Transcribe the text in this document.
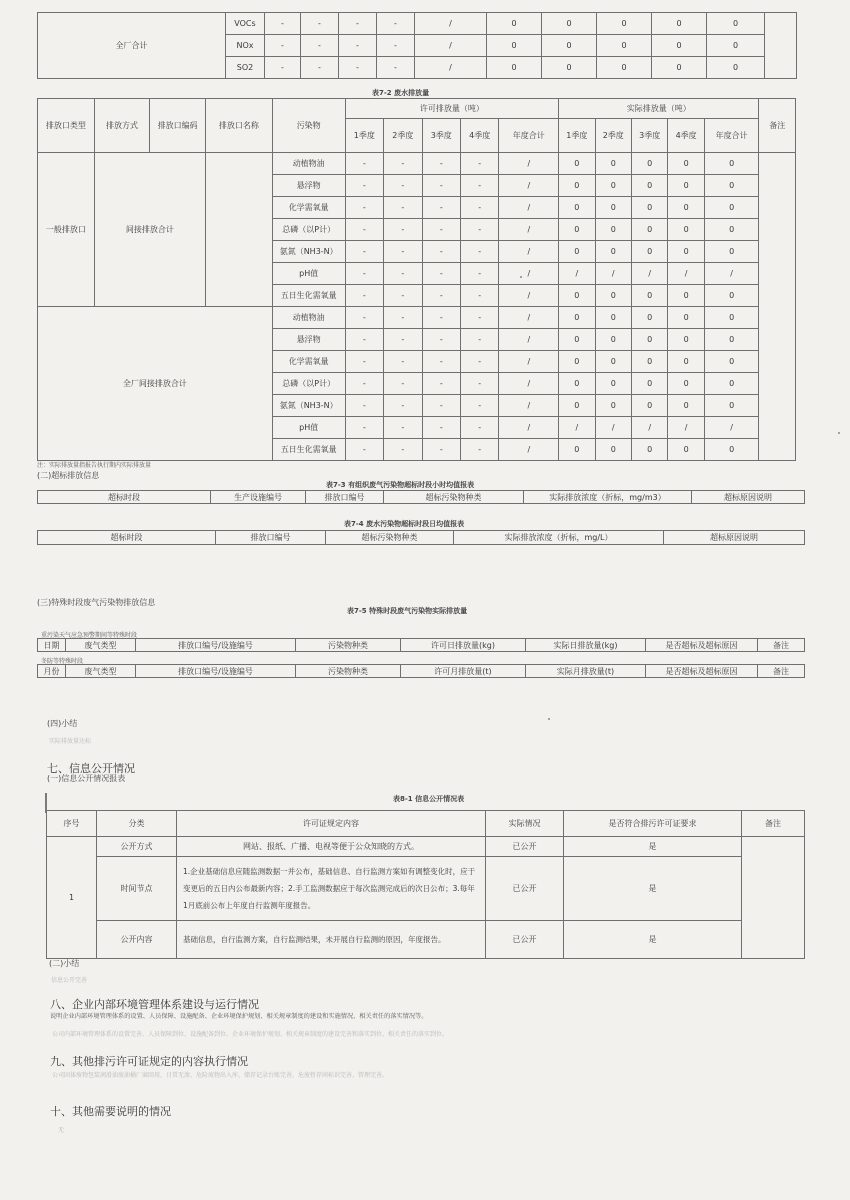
全厂合计	VOCs	-	-	-	-	/	0	0	0	0	0	
	NOx	-	-	-	-	/	0	0	0	0	0	
	SO2	-	-	-	-	/	0	0	0	0	0	
表7-2 废水排放量
排放口类型	排放方式	排放口编码	排放口名称	污染物	许可排放量（吨）					实际排放量（吨）					备注
					1季度	2季度	3季度	4季度	年度合计	1季度	2季度	3季度	4季度	年度合计	
一般排放口	间接排放合计			动植物油	-	-	-	-	/	0	0	0	0	0	
				悬浮物	-	-	-	-	/	0	0	0	0	0	
				化学需氧量	-	-	-	-	/	0	0	0	0	0	
				总磷（以P计）	-	-	-	-	/	0	0	0	0	0	
				氨氮（NH3-N）	-	-	-	-	/	0	0	0	0	0	
				pH值	-	-	-	-	/	/	/	/	/	/	
				五日生化需氧量	-	-	-	-	/	0	0	0	0	0	
全厂间接排放合计				动植物油	-	-	-	-	/	0	0	0	0	0	
				悬浮物	-	-	-	-	/	0	0	0	0	0	
				化学需氧量	-	-	-	-	/	0	0	0	0	0	
				总磷（以P计）	-	-	-	-	/	0	0	0	0	0	
				氨氮（NH3-N）	-	-	-	-	/	0	0	0	0	0	
				pH值	-	-	-	-	/	/	/	/	/	/	
				五日生化需氧量	-	-	-	-	/	0	0	0	0	0	
注：实际排放量指报告执行期内实际排放量
(二)超标排放信息
表7-3 有组织废气污染物超标时段小时均值报表
超标时段	生产设施编号	排放口编号	超标污染物种类	实际排放浓度（折标，mg/m3）	超标原因说明
表7-4 废水污染物超标时段日均值报表
超标时段	排放口编号	超标污染物种类	实际排放浓度（折标，mg/L）	超标原因说明
(三)特殊时段废气污染物排放信息
表7-5 特殊时段废气污染物实际排放量
重污染天气应急预警期间等特殊时段
日期	废气类型	排放口编号/设施编号	污染物种类	许可日排放量(kg)	实际日排放量(kg)	是否超标及超标原因	备注
冬防等特殊时段
月份	废气类型	排放口编号/设施编号	污染物种类	许可月排放量(t)	实际月排放量(t)	是否超标及超标原因	备注
(四)小结
实际排放量达标
七、信息公开情况
(一)信息公开情况报表
表8-1 信息公开情况表
序号	分类	许可证规定内容	实际情况	是否符合排污许可证要求	备注
1	公开方式	网站、报纸、广播、电视等便于公众知晓的方式。	已公开	是	
	时间节点	1.企业基础信息应随监测数据一并公布，基础信息、自行监测方案如有调整变化时，应于变更后的五日内公布最新内容；2.手工监测数据应于每次监测完成后的次日公布；3.每年1月底前公布上年度自行监测年度报告。	已公开	是	
	公开内容	基础信息，自行监测方案，自行监测结果，未开展自行监测的原因，年度报告。	已公开	是	
(二)小结
信息公开完善
八、企业内部环境管理体系建设与运行情况
说明企业内部环境管理体系的设置、人员保障、设施配备、企业环境保护规划、相关规章制度的建设和实施情况、相关责任的落实情况等。
公司内部环境管理体系的设置完善、人员保障到位、设施配备到位、企业环境保护规划、相关规章制度的建设完善和落实到位、相关责任的落实到位。
九、其他排污许可证规定的内容执行情况
公司固体废物包装润滑油废油桶厂商回用，日常无渗、危险废物出入库、储存记录台账完善，危废暂存间标识完善、管理完善。
十、其他需要说明的情况
无
